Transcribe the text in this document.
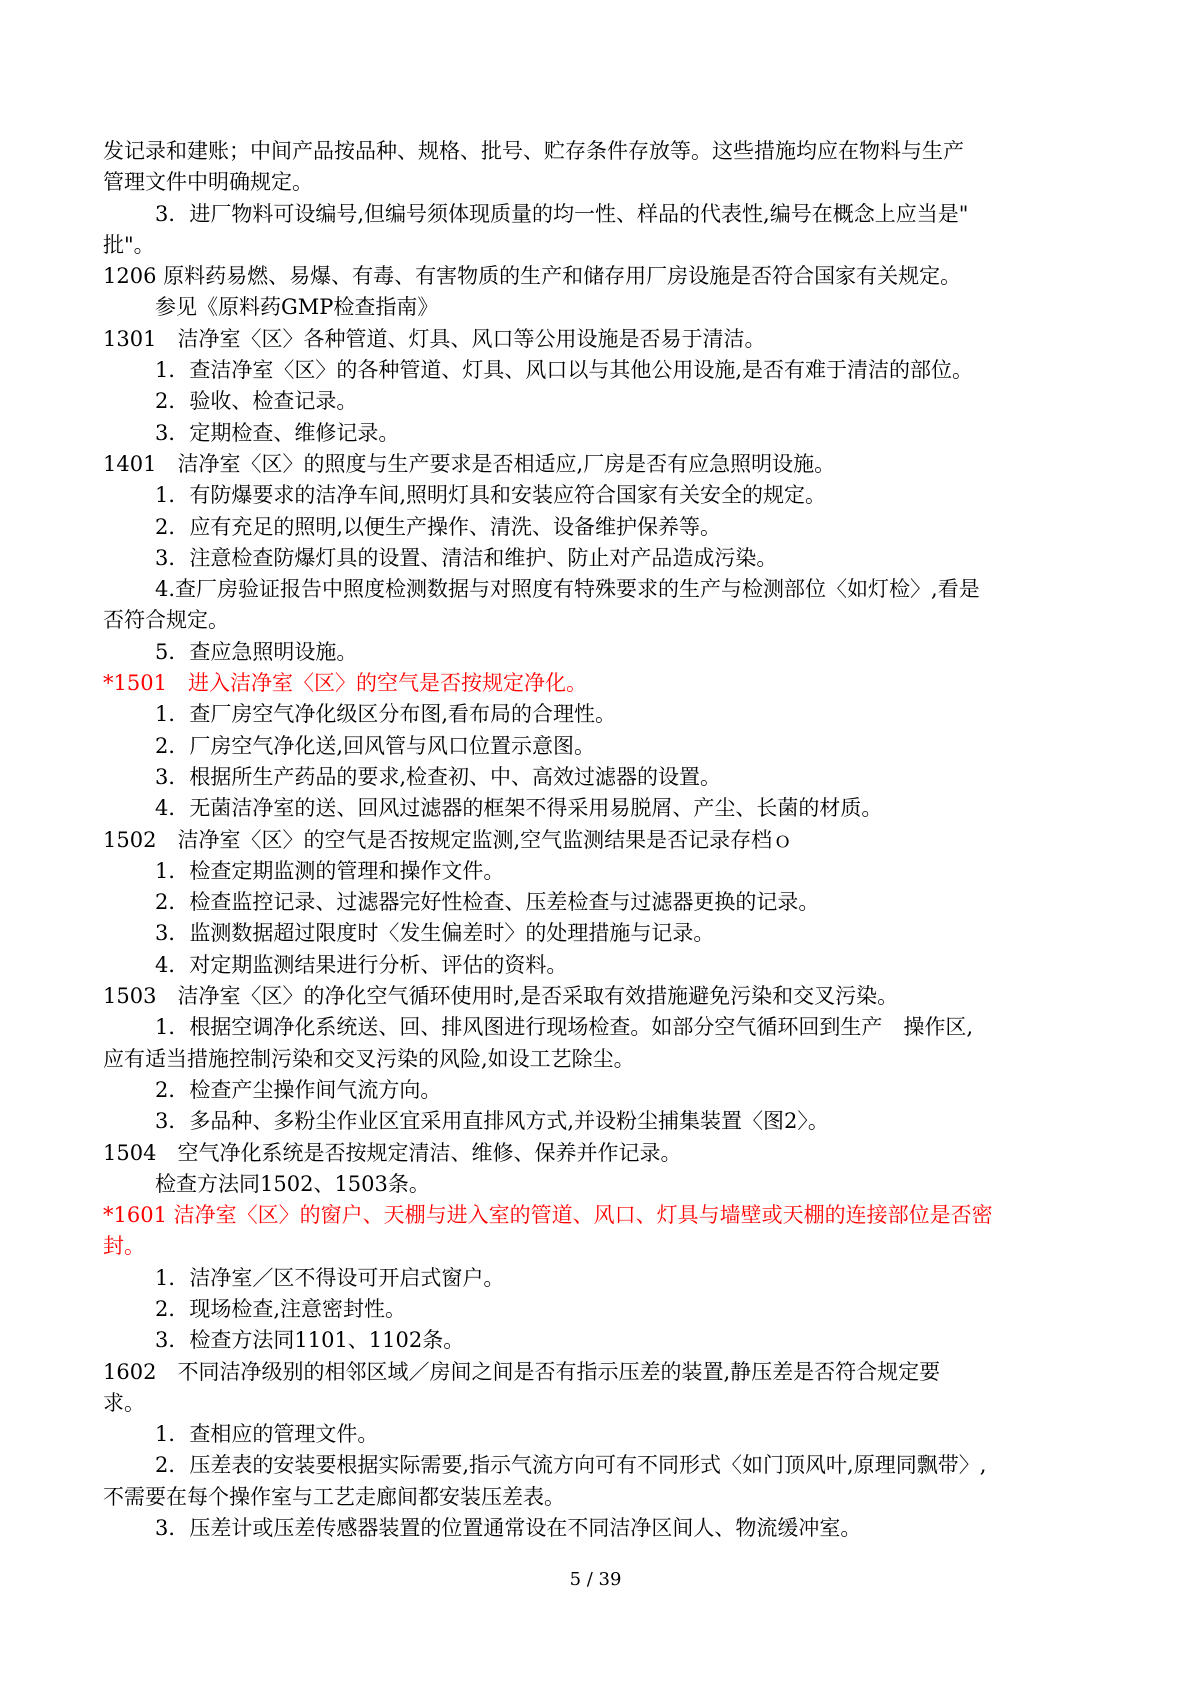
发记录和建账；中间产品按品种、规格、批号、贮存条件存放等。这些措施均应在物料与生产
管理文件中明确规定。
3．进厂物料可设编号,但编号须体现质量的均一性、样品的代表性,编号在概念上应当是"
批"。
1206 原料药易燃、易爆、有毒、有害物质的生产和储存用厂房设施是否符合国家有关规定。
参见《原料药GMP检查指南》
1301　洁净室〈区〉各种管道、灯具、风口等公用设施是否易于清洁。
1．查洁净室〈区〉的各种管道、灯具、风口以与其他公用设施,是否有难于清洁的部位。
2．验收、检查记录。
3．定期检查、维修记录。
1401　洁净室〈区〉的照度与生产要求是否相适应,厂房是否有应急照明设施。
1．有防爆要求的洁净车间,照明灯具和安装应符合国家有关安全的规定。
2．应有充足的照明,以便生产操作、清洗、设备维护保养等。
3．注意检查防爆灯具的设置、清洁和维护、防止对产品造成污染。
4.查厂房验证报告中照度检测数据与对照度有特殊要求的生产与检测部位〈如灯检〉,看是
否符合规定。
5．查应急照明设施。
*1501　进入洁净室〈区〉的空气是否按规定净化。
1．查厂房空气净化级区分布图,看布局的合理性。
2．厂房空气净化送,回风管与风口位置示意图。
3．根据所生产药品的要求,检查初、中、高效过滤器的设置。
4．无菌洁净室的送、回风过滤器的框架不得采用易脱屑、产尘、长菌的材质。
1502　洁净室〈区〉的空气是否按规定监测,空气监测结果是否记录存档ｏ
1．检查定期监测的管理和操作文件。
2．检查监控记录、过滤器完好性检查、压差检查与过滤器更换的记录。
3．监测数据超过限度时〈发生偏差时〉的处理措施与记录。
4．对定期监测结果进行分析、评估的资料。
1503　洁净室〈区〉的净化空气循环使用时,是否采取有效措施避免污染和交叉污染。
1．根据空调净化系统送、回、排风图进行现场检查。如部分空气循环回到生产　操作区,
应有适当措施控制污染和交叉污染的风险,如设工艺除尘。
2．检查产尘操作间气流方向。
3．多品种、多粉尘作业区宜采用直排风方式,并设粉尘捕集装置〈图2〉。
1504　空气净化系统是否按规定清洁、维修、保养并作记录。
检查方法同1502、1503条。
*1601 洁净室〈区〉的窗户、天棚与进入室的管道、风口、灯具与墙壁或天棚的连接部位是否密
封。
1．洁净室／区不得设可开启式窗户。
2．现场检查,注意密封性。
3．检查方法同1101、1102条。
1602　不同洁净级别的相邻区域／房间之间是否有指示压差的装置,静压差是否符合规定要
求。
1．查相应的管理文件。
2．压差表的安装要根据实际需要,指示气流方向可有不同形式〈如门顶风叶,原理同飘带〉,
不需要在每个操作室与工艺走廊间都安装压差表。
3．压差计或压差传感器装置的位置通常设在不同洁净区间人、物流缓冲室。
5 / 39
